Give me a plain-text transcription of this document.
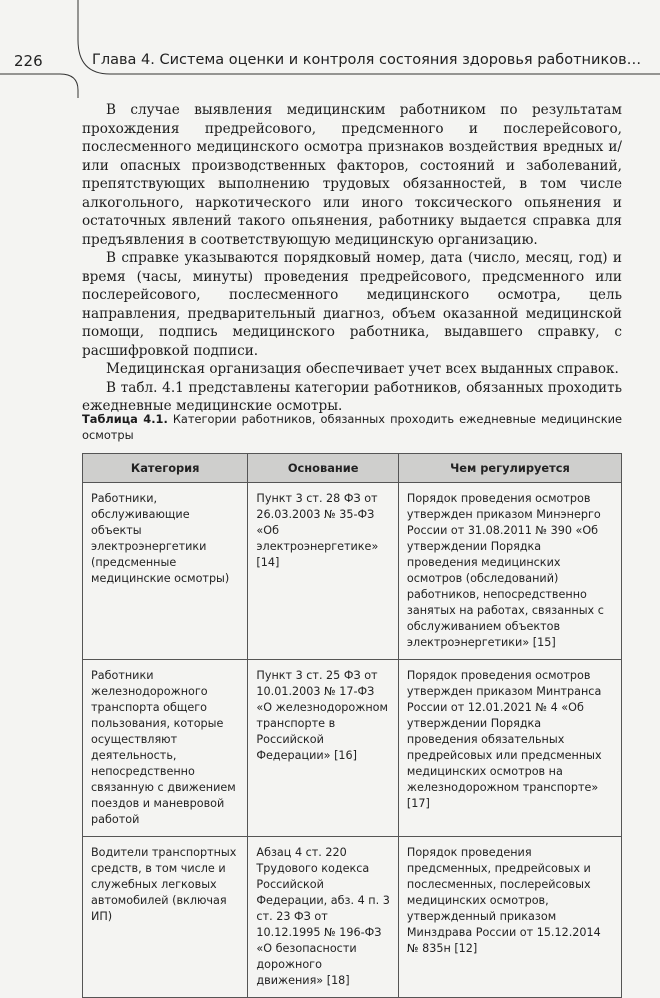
226	Глава 4. Система оценки и контроля состояния здоровья работников…

В случае выявления медицинским работником по результатам прохождения предрейсового, предсменного и послерейсового, послесменного медицинского осмотра признаков воздействия вредных и/или опасных производственных факторов, состояний и заболеваний, препятствующих выполнению трудовых обязанностей, в том числе алкогольного, наркотического или иного токсического опьянения и остаточных явлений такого опьянения, работнику выдается справка для предъявления в соответствующую медицинскую организацию.

В справке указываются порядковый номер, дата (число, месяц, год) и время (часы, минуты) проведения предрейсового, предсменного или послерейсового, послесменного медицинского осмотра, цель направления, предварительный диагноз, объем оказанной медицинской помощи, подпись медицинского работника, выдавшего справку, с расшифровкой подписи.

Медицинская организация обеспечивает учет всех выданных справок.

В табл. 4.1 представлены категории работников, обязанных проходить ежедневные медицинские осмотры.

Таблица 4.1. Категории работников, обязанных проходить ежедневные медицинские осмотры
Категория	Основание	Чем регулируется
Работники, обслуживающие объекты электроэнергетики (предсменные медицинские осмотры)	Пункт 3 ст. 28 ФЗ от 26.03.2003 № 35-ФЗ «Об электроэнергетике» [14]	Порядок проведения осмотров утвержден приказом Минэнерго России от 31.08.2011 № 390 «Об утверждении Порядка проведения медицинских осмотров (обследований) работников, непосредственно занятых на работах, связанных с обслуживанием объектов электроэнергетики» [15]
Работники железнодорожного транспорта общего пользования, которые осуществляют деятельность, непосредственно связанную с движением поездов и маневровой работой	Пункт 3 ст. 25 ФЗ от 10.01.2003 № 17-ФЗ «О железнодорожном транспорте в Российской Федерации» [16]	Порядок проведения осмотров утвержден приказом Минтранса России от 12.01.2021 № 4 «Об утверждении Порядка проведения обязательных предрейсовых или предсменных медицинских осмотров на железнодорожном транспорте» [17]
Водители транспортных средств, в том числе и служебных легковых автомобилей (включая ИП)	Абзац 4 ст. 220 Трудового кодекса Российской Федерации, абз. 4 п. 3 ст. 23 ФЗ от 10.12.1995 № 196-ФЗ «О безопасности дорожного движения» [18]	Порядок проведения предсменных, предрейсовых и послесменных, послерейсовых медицинских осмотров, утвержденный приказом Минздрава России от 15.12.2014 № 835н [12]
